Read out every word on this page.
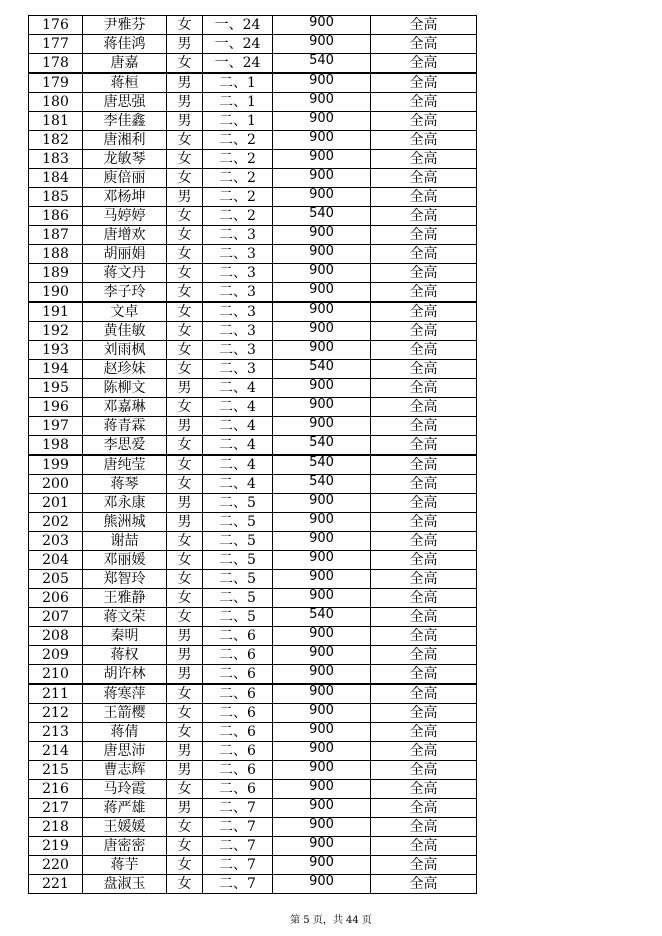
176	尹雅芬	女	一、24	900	全高
177	蒋佳鸿	男	一、24	900	全高
178	唐嘉	女	一、24	540	全高
179	蒋桓	男	二、1	900	全高
180	唐思强	男	二、1	900	全高
181	李佳鑫	男	二、1	900	全高
182	唐湘利	女	二、2	900	全高
183	龙敏琴	女	二、2	900	全高
184	庾倍丽	女	二、2	900	全高
185	邓杨坤	男	二、2	900	全高
186	马婷婷	女	二、2	540	全高
187	唐增欢	女	二、3	900	全高
188	胡丽娟	女	二、3	900	全高
189	蒋文丹	女	二、3	900	全高
190	李子玲	女	二、3	900	全高
191	文卓	女	二、3	900	全高
192	黄佳敏	女	二、3	900	全高
193	刘雨枫	女	二、3	900	全高
194	赵珍妹	女	二、3	540	全高
195	陈柳文	男	二、4	900	全高
196	邓嘉琳	女	二、4	900	全高
197	蒋青霖	男	二、4	900	全高
198	李思爱	女	二、4	540	全高
199	唐纯莹	女	二、4	540	全高
200	蒋琴	女	二、4	540	全高
201	邓永康	男	二、5	900	全高
202	熊洲城	男	二、5	900	全高
203	谢喆	女	二、5	900	全高
204	邓丽媛	女	二、5	900	全高
205	郑智玲	女	二、5	900	全高
206	王雅静	女	二、5	900	全高
207	蒋文荣	女	二、5	540	全高
208	秦明	男	二、6	900	全高
209	蒋权	男	二、6	900	全高
210	胡许林	男	二、6	900	全高
211	蒋寒萍	女	二、6	900	全高
212	王箭樱	女	二、6	900	全高
213	蒋倩	女	二、6	900	全高
214	唐思沛	男	二、6	900	全高
215	曹志辉	男	二、6	900	全高
216	马玲霞	女	二、6	900	全高
217	蒋严雄	男	二、7	900	全高
218	王媛媛	女	二、7	900	全高
219	唐密密	女	二、7	900	全高
220	蒋芋	女	二、7	900	全高
221	盘淑玉	女	二、7	900	全高
第 5 页，共 44 页
